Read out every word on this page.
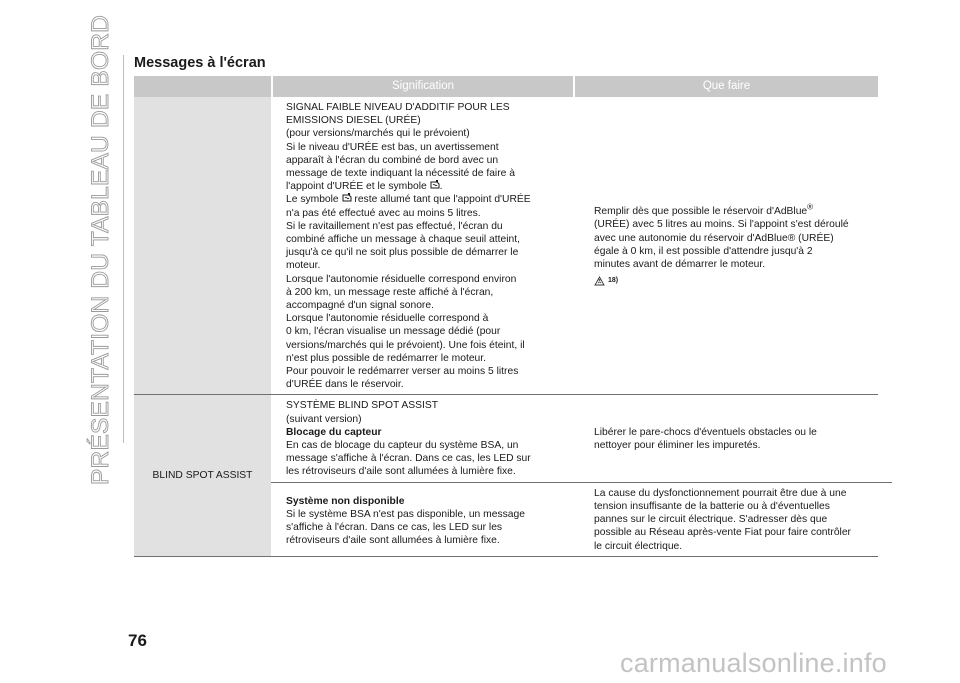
PRÉSENTATION DU TABLEAU DE BORD Messages à l'écran
Signification	Que faire
SIGNAL FAIBLE NIVEAU D'ADDITIF POUR LES
EMISSIONS DIESEL (URÉE)
(pour versions/marchés qui le prévoient)
Si le niveau d'URÉE est bas, un avertissement
apparaît à l'écran du combiné de bord avec un
message de texte indiquant la nécessité de faire à
l'appoint d'URÉE et le symbole .
Le symbole reste allumé tant que l'appoint d'URÉE
n'a pas été effectué avec au moins 5 litres.
Si le ravitaillement n'est pas effectué, l'écran du
combiné affiche un message à chaque seuil atteint,
jusqu'à ce qu'il ne soit plus possible de démarrer le
moteur.
Lorsque l'autonomie résiduelle correspond environ
à 200 km, un message reste affiché à l'écran,
accompagné d'un signal sonore.
Lorsque l'autonomie résiduelle correspond à
0 km, l'écran visualise un message dédié (pour
versions/marchés qui le prévoient). Une fois éteint, il
n'est plus possible de redémarrer le moteur.
Pour pouvoir le redémarrer verser au moins 5 litres
d'URÉE dans le réservoir.
Remplir dès que possible le réservoir d'AdBlue®
(URÉE) avec 5 litres au moins. Si l'appoint s'est déroulé
avec une autonomie du réservoir d'AdBlue® (URÉE)
égale à 0 km, il est possible d'attendre jusqu'à 2
minutes avant de démarrer le moteur.
18)
BLIND SPOT ASSIST
SYSTÈME BLIND SPOT ASSIST
(suivant version)
Blocage du capteur
En cas de blocage du capteur du système BSA, un
message s'affiche à l'écran. Dans ce cas, les LED sur
les rétroviseurs d'aile sont allumées à lumière fixe.
Libérer le pare-chocs d'éventuels obstacles ou le
nettoyer pour éliminer les impuretés.
Système non disponible
Si le système BSA n'est pas disponible, un message
s'affiche à l'écran. Dans ce cas, les LED sur les
rétroviseurs d'aile sont allumées à lumière fixe.
La cause du dysfonctionnement pourrait être due à une
tension insuffisante de la batterie ou à d'éventuelles
pannes sur le circuit électrique. S'adresser dès que
possible au Réseau après-vente Fiat pour faire contrôler
le circuit électrique.
76
carmanualsonline.info
